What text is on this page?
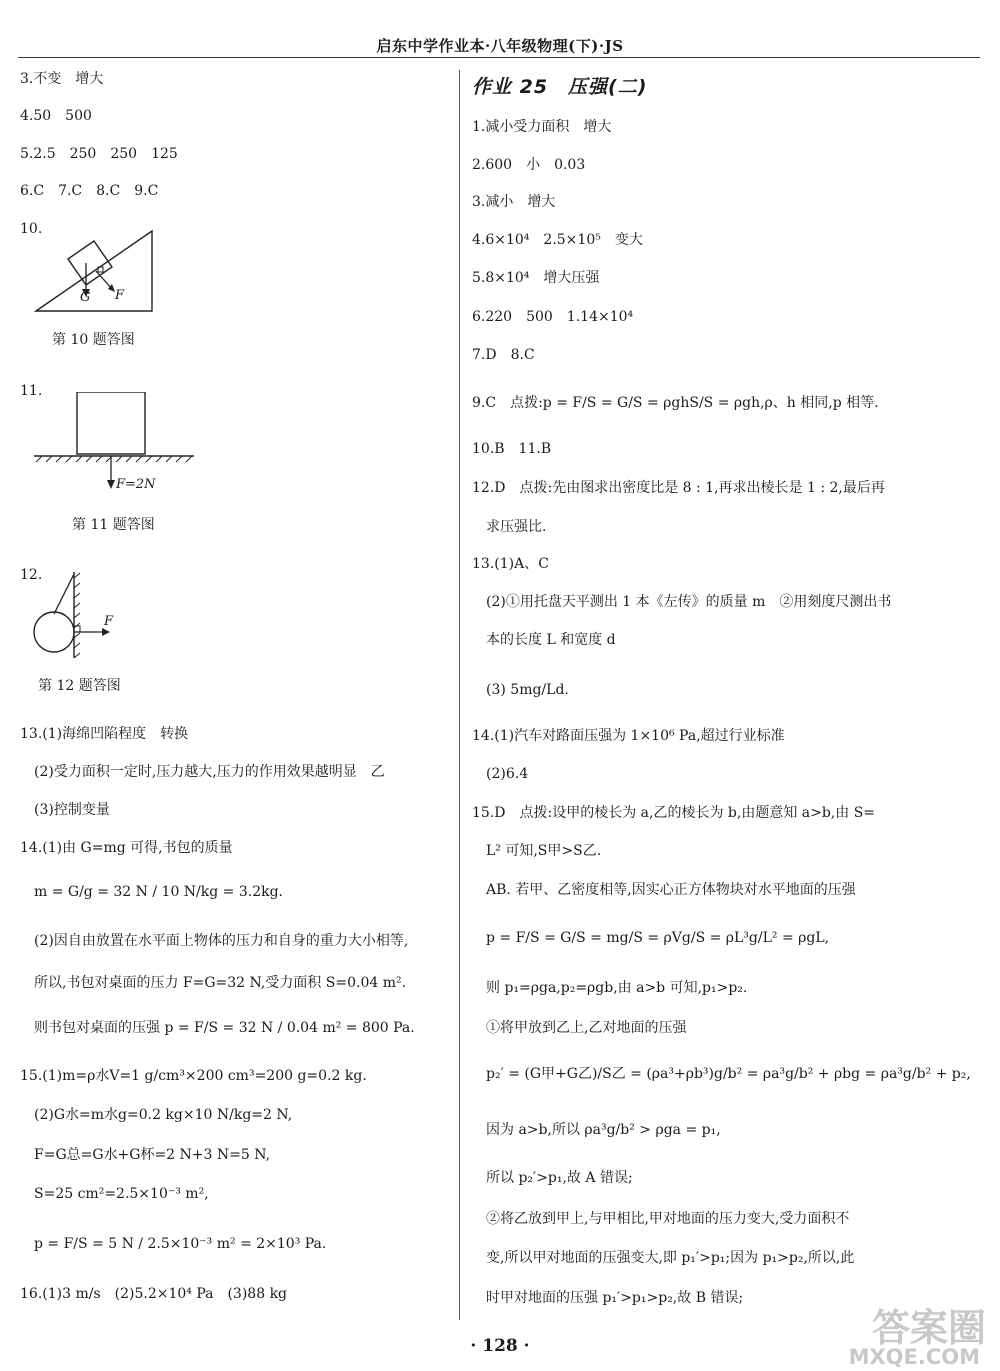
启东中学作业本·八年级物理(下)·JS
3.不变　增大
4.50　500
5.2.5　250　250　125
6.C　7.C　8.C　9.C
10.
G F
第 10 题答图
11.
F=2N
第 11 题答图
12.
F
第 12 题答图
13.(1)海绵凹陷程度　转换
(2)受力面积一定时,压力越大,压力的作用效果越明显　乙
(3)控制变量
14.(1)由 G=mg 可得,书包的质量
m = G/g = 32 N / 10 N/kg = 3.2kg.
(2)因自由放置在水平面上物体的压力和自身的重力大小相等,
所以,书包对桌面的压力 F=G=32 N,受力面积 S=0.04 m².
则书包对桌面的压强 p = F/S = 32 N / 0.04 m² = 800 Pa.
15.(1)m=ρ水V=1 g/cm³×200 cm³=200 g=0.2 kg.
(2)G水=m水g=0.2 kg×10 N/kg=2 N,
F=G总=G水+G杯=2 N+3 N=5 N,
S=25 cm²=2.5×10⁻³ m²,
p = F/S = 5 N / 2.5×10⁻³ m² = 2×10³ Pa.
16.(1)3 m/s　(2)5.2×10⁴ Pa　(3)88 kg
作业 25　压强(二)
1.减小受力面积　增大
2.600　小　0.03
3.减小　增大
4.6×10⁴　2.5×10⁵　变大
5.8×10⁴　增大压强
6.220　500　1.14×10⁴
7.D　8.C
9.C　点拨:p = F/S = G/S = ρghS/S = ρgh,ρ、h 相同,p 相等.
10.B　11.B
12.D　点拨:先由图求出密度比是 8 : 1,再求出棱长是 1 : 2,最后再
求压强比.
13.(1)A、C
(2)①用托盘天平测出 1 本《左传》的质量 m　②用刻度尺测出书
本的长度 L 和宽度 d
(3) 5mg/Ld.
14.(1)汽车对路面压强为 1×10⁶ Pa,超过行业标准
(2)6.4
15.D　点拨:设甲的棱长为 a,乙的棱长为 b,由题意知 a>b,由 S=
L² 可知,S甲>S乙.
AB. 若甲、乙密度相等,因实心正方体物块对水平地面的压强
p = F/S = G/S = mg/S = ρVg/S = ρL³g/L² = ρgL,
则 p₁=ρga,p₂=ρgb,由 a>b 可知,p₁>p₂.
①将甲放到乙上,乙对地面的压强
p₂′ = (G甲+G乙)/S乙 = (ρa³+ρb³)g/b² = ρa³g/b² + ρbg = ρa³g/b² + p₂,
因为 a>b,所以 ρa³g/b² > ρga = p₁,
所以 p₂′>p₁,故 A 错误;
②将乙放到甲上,与甲相比,甲对地面的压力变大,受力面积不
变,所以甲对地面的压强变大,即 p₁′>p₁;因为 p₁>p₂,所以,此
时甲对地面的压强 p₁′>p₁>p₂,故 B 错误;
· 128 ·	答案圈
MXQE.COM
